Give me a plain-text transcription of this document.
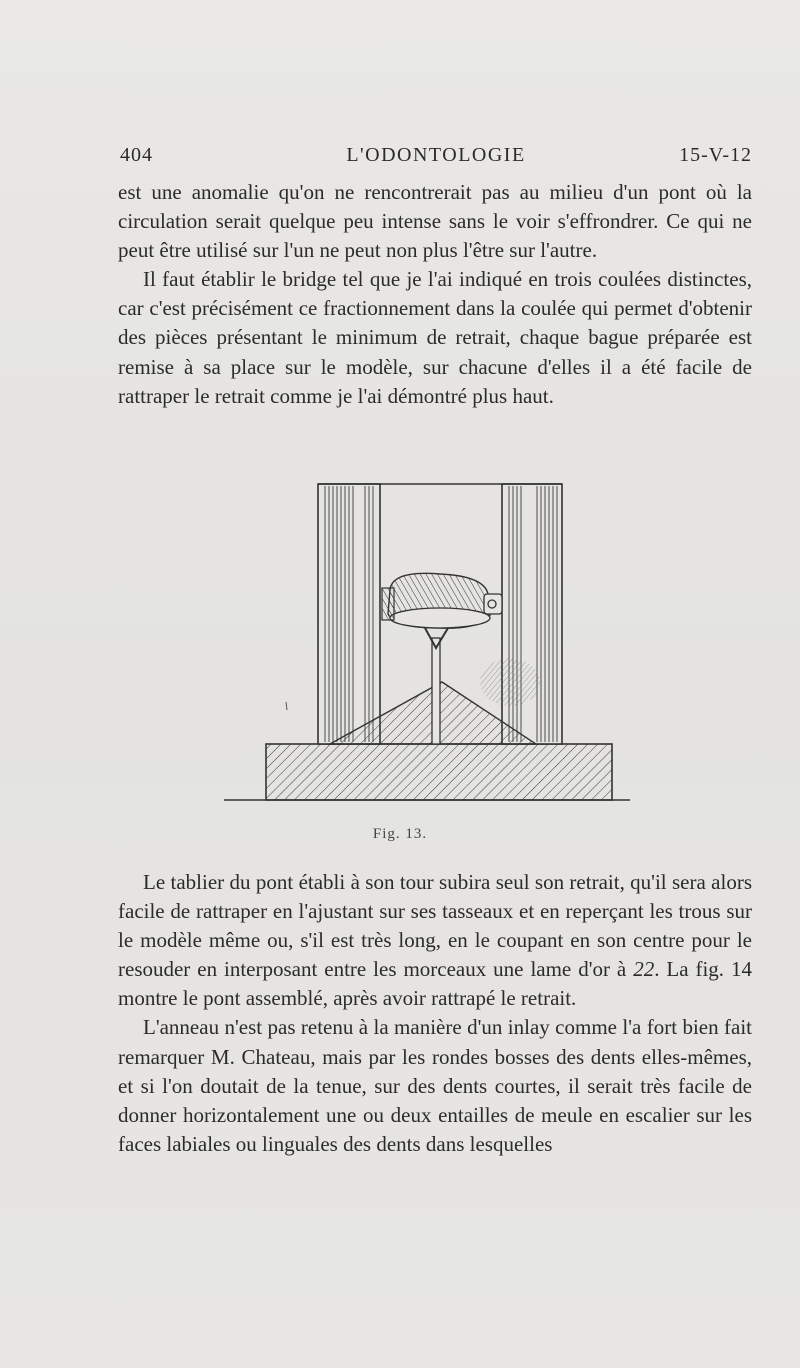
404	L'ODONTOLOGIE	15-V-12

est une anomalie qu'on ne rencontrerait pas au milieu d'un pont où la circulation serait quelque peu intense sans le voir s'effrondrer. Ce qui ne peut être utilisé sur l'un ne peut non plus l'être sur l'autre.

Il faut établir le bridge tel que je l'ai indiqué en trois coulées distinctes, car c'est précisément ce fractionnement dans la coulée qui permet d'obtenir des pièces présentant le minimum de retrait, chaque bague préparée est remise à sa place sur le modèle, sur chacune d'elles il a été facile de rattraper le retrait comme je l'ai démontré plus haut.

Fig. 13.

Le tablier du pont établi à son tour subira seul son retrait, qu'il sera alors facile de rattraper en l'ajustant sur ses tasseaux et en reperçant les trous sur le modèle même ou, s'il est très long, en le coupant en son centre pour le resouder en interposant entre les morceaux une lame d'or à 22. La fig. 14 montre le pont assemblé, après avoir rattrapé le retrait.

L'anneau n'est pas retenu à la manière d'un inlay comme l'a fort bien fait remarquer M. Chateau, mais par les rondes bosses des dents elles-mêmes, et si l'on doutait de la tenue, sur des dents courtes, il serait très facile de donner horizontalement une ou deux entailles de meule en escalier sur les faces labiales ou linguales des dents dans lesquelles
